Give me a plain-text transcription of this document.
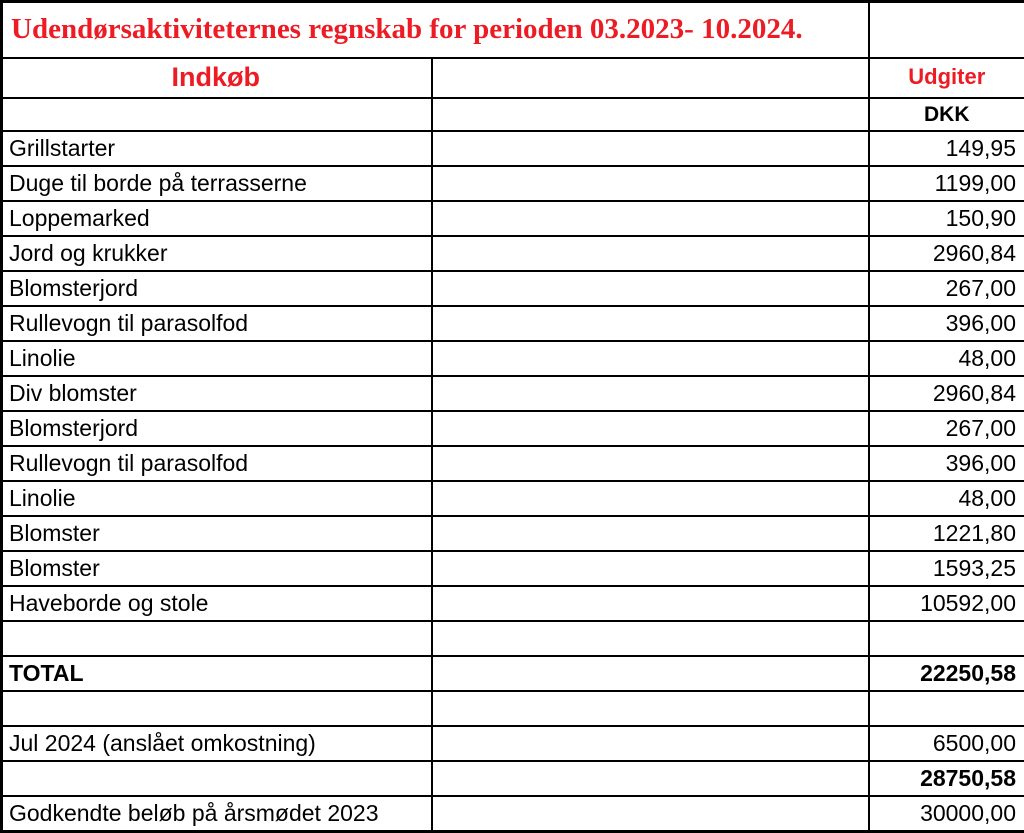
Udendørsaktiviteternes regnskab for perioden 03.2023- 10.2024.		
Indkøb		Udgiter
		DKK
Grillstarter		149,95
Duge til borde på terrasserne		1199,00
Loppemarked		150,90
Jord og krukker		2960,84
Blomsterjord		267,00
Rullevogn til parasolfod		396,00
Linolie		48,00
Div blomster		2960,84
Blomsterjord		267,00
Rullevogn til parasolfod		396,00
Linolie		48,00
Blomster		1221,80
Blomster		1593,25
Haveborde og stole		10592,00

TOTAL		22250,58

Jul 2024 (anslået omkostning)		6500,00
		28750,58
Godkendte beløb på årsmødet 2023		30000,00
